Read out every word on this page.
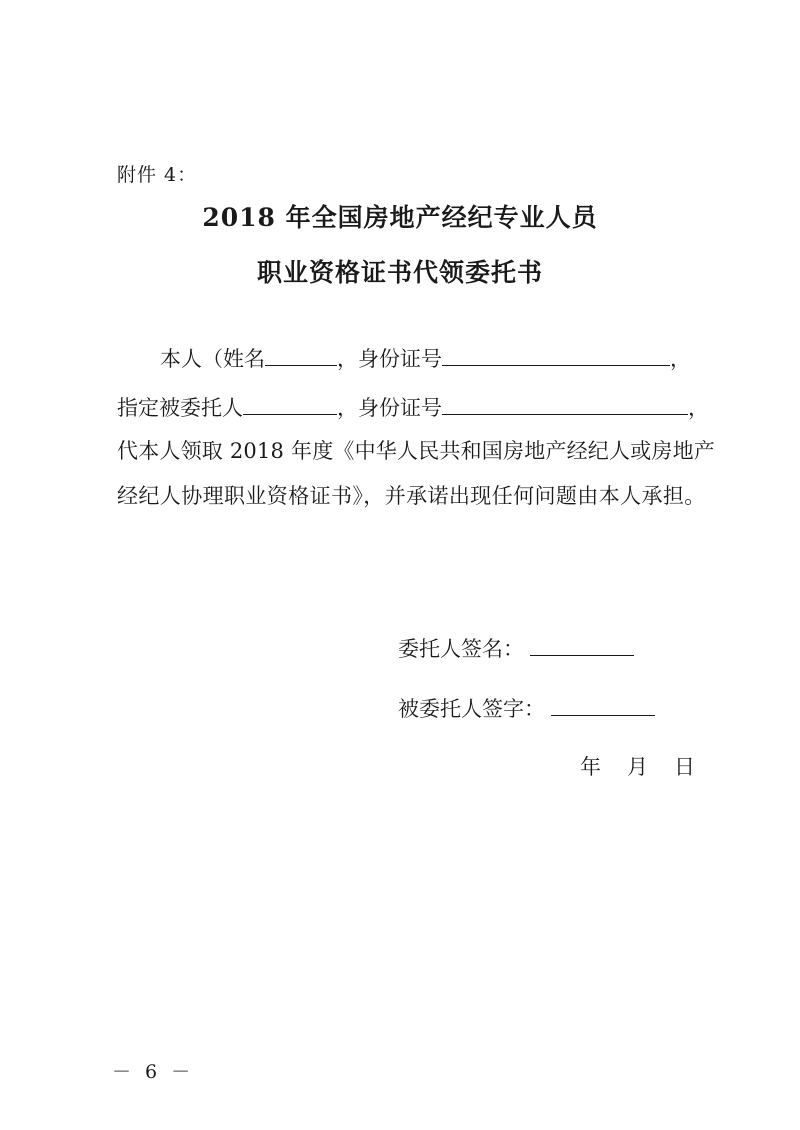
附件 4：
2018 年全国房地产经纪专业人员
职业资格证书代领委托书
本人（姓名	，身份证号	，
指定被委托人	，身份证号	，
代本人领取 2018 年度《中华人民共和国房地产经纪人或房地产
经纪人协理职业资格证书》，并承诺出现任何问题由本人承担。
委托人签名：
被委托人签字：
年 月 日
－ 6 －
